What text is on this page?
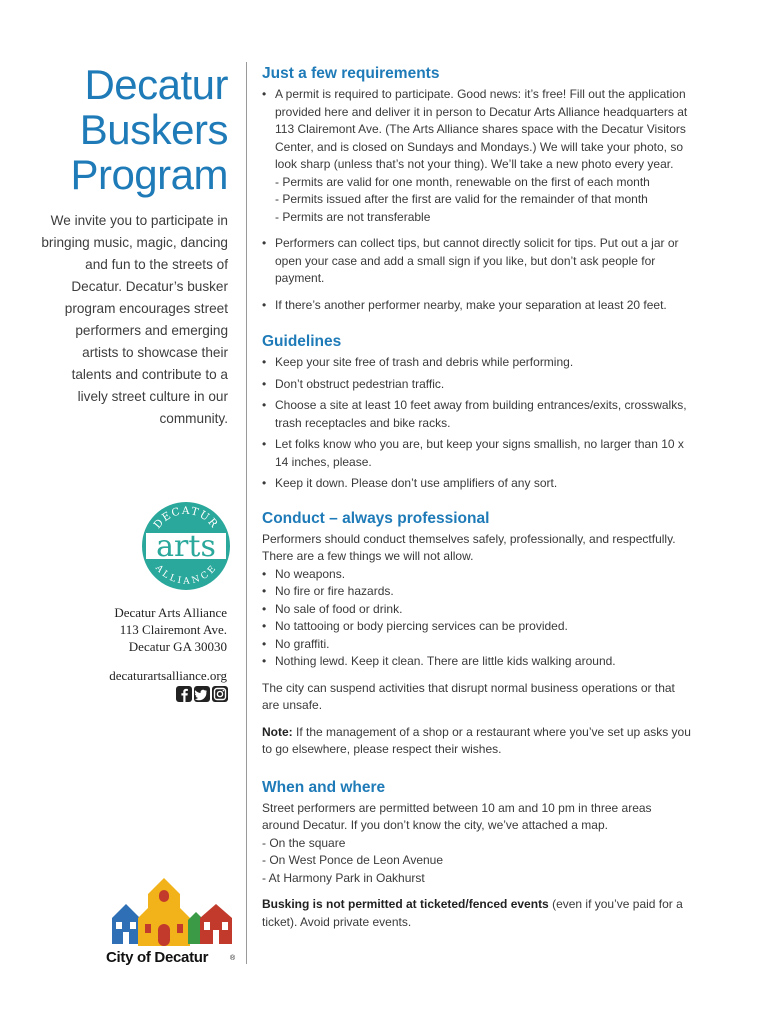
Decatur
Buskers
Program
We invite you to participate in bringing music, magic, dancing and fun to the streets of Decatur. Decatur’s busker program encourages street performers and emerging artists to showcase their talents and contribute to a lively street culture in our community.
DECATUR
arts
ALLIANCE
Decatur Arts Alliance
113 Clairemont Ave.
Decatur GA 30030
decaturartsalliance.org
City of Decatur	®
Just a few requirements
• A permit is required to participate. Good news: it’s free! Fill out the application provided here and deliver it in person to Decatur Arts Alliance headquarters at 113 Clairemont Ave. (The Arts Alliance shares space with the Decatur Visitors Center, and is closed on Sundays and Mondays.) We will take your photo, so look sharp (unless that’s not your thing). We’ll take a new photo every year.
- Permits are valid for one month, renewable on the first of each month
- Permits issued after the first are valid for the remainder of that month
- Permits are not transferable
• Performers can collect tips, but cannot directly solicit for tips. Put out a jar or open your case and add a small sign if you like, but don’t ask people for payment.
• If there’s another performer nearby, make your separation at least 20 feet.
Guidelines
• Keep your site free of trash and debris while performing.
• Don’t obstruct pedestrian traffic.
• Choose a site at least 10 feet away from building entrances/exits, crosswalks, trash receptacles and bike racks.
• Let folks know who you are, but keep your signs smallish, no larger than 10 x 14 inches, please.
• Keep it down. Please don’t use amplifiers of any sort.
Conduct – always professional

Performers should conduct themselves safely, professionally, and respectfully. There are a few things we will not allow.

• No weapons.
• No fire or fire hazards.
• No sale of food or drink.
• No tattooing or body piercing services can be provided.
• No graffiti.
• Nothing lewd. Keep it clean. There are little kids walking around.

The city can suspend activities that disrupt normal business operations or that are unsafe.

Note: If the management of a shop or a restaurant where you’ve set up asks you to go elsewhere, please respect their wishes.

When and where

Street performers are permitted between 10 am and 10 pm in three areas around Decatur. If you don’t know the city, we’ve attached a map.

- On the square
- On West Ponce de Leon Avenue
- At Harmony Park in Oakhurst

Busking is not permitted at ticketed/fenced events (even if you’ve paid for a ticket). Avoid private events.
